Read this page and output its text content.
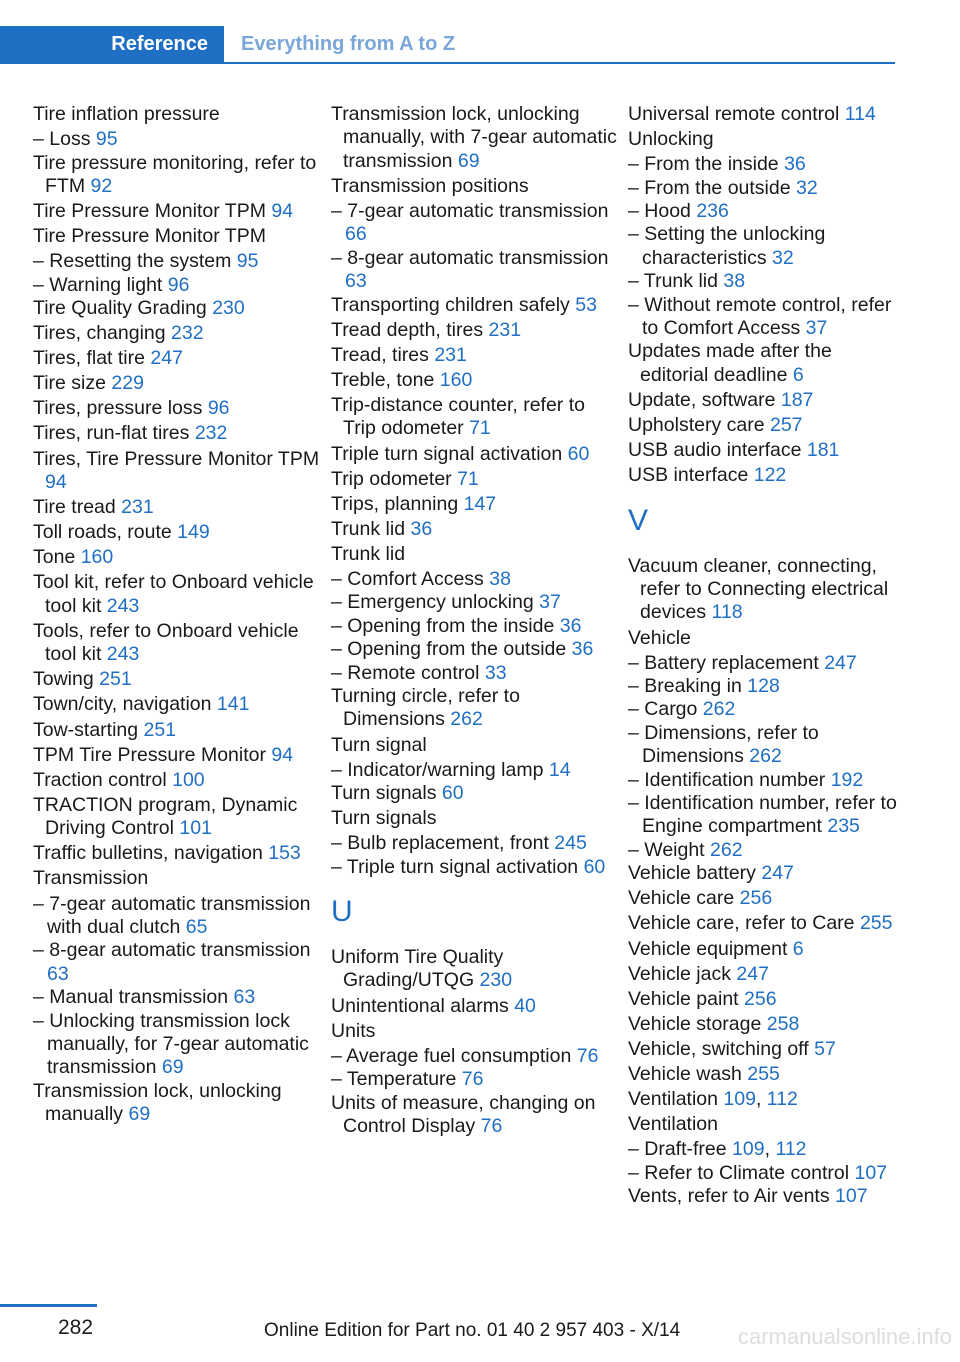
Reference	Everything from A to Z
Tire inflation pressure
– Loss 95
Tire pressure monitoring, refer to FTM 92
Tire Pressure Monitor TPM 94
Tire Pressure Monitor TPM
– Resetting the system 95
– Warning light 96
Tire Quality Grading 230
Tires, changing 232
Tires, flat tire 247
Tire size 229
Tires, pressure loss 96
Tires, run-flat tires 232
Tires, Tire Pressure Monitor TPM 94
Tire tread 231
Toll roads, route 149
Tone 160
Tool kit, refer to Onboard vehicle tool kit 243
Tools, refer to Onboard vehicle tool kit 243
Towing 251
Town/city, navigation 141
Tow-starting 251
TPM Tire Pressure Monitor 94
Traction control 100
TRACTION program, Dynamic Driving Control 101
Traffic bulletins, navigation 153
Transmission
– 7-gear automatic transmission with dual clutch 65
– 8-gear automatic transmission 63
– Manual transmission 63
– Unlocking transmission lock manually, for 7-gear automatic transmission 69
Transmission lock, unlocking manually 69
Transmission lock, unlocking manually, with 7-gear automatic transmission 69
Transmission positions
– 7-gear automatic transmission 66
– 8-gear automatic transmission 63
Transporting children safely 53
Tread depth, tires 231
Tread, tires 231
Treble, tone 160
Trip-distance counter, refer to Trip odometer 71
Triple turn signal activation 60
Trip odometer 71
Trips, planning 147
Trunk lid 36
Trunk lid
– Comfort Access 38
– Emergency unlocking 37
– Opening from the inside 36
– Opening from the outside 36
– Remote control 33
Turning circle, refer to Dimensions 262
Turn signal
– Indicator/warning lamp 14
Turn signals 60
Turn signals
– Bulb replacement, front 245
– Triple turn signal activation 60
U
Uniform Tire Quality Grading/UTQG 230
Unintentional alarms 40
Units
– Average fuel consumption 76
– Temperature 76
Units of measure, changing on Control Display 76
Universal remote control 114
Unlocking
– From the inside 36
– From the outside 32
– Hood 236
– Setting the unlocking characteristics 32
– Trunk lid 38
– Without remote control, refer to Comfort Access 37
Updates made after the editorial deadline 6
Update, software 187
Upholstery care 257
USB audio interface 181
USB interface 122
V
Vacuum cleaner, connecting, refer to Connecting electrical devices 118
Vehicle
– Battery replacement 247
– Breaking in 128
– Cargo 262
– Dimensions, refer to Dimensions 262
– Identification number 192
– Identification number, refer to Engine compartment 235
– Weight 262
Vehicle battery 247
Vehicle care 256
Vehicle care, refer to Care 255
Vehicle equipment 6
Vehicle jack 247
Vehicle paint 256
Vehicle storage 258
Vehicle, switching off 57
Vehicle wash 255
Ventilation 109, 112
Ventilation
– Draft-free 109, 112
– Refer to Climate control 107
Vents, refer to Air vents 107
282	Online Edition for Part no. 01 40 2 957 403 - X/14	carmanualsonline.info
